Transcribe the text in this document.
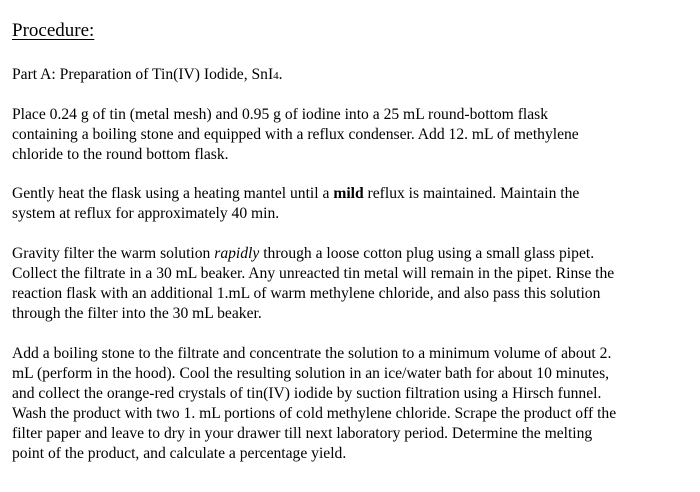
Procedure:

Part A: Preparation of Tin(IV) Iodide, SnI4.

Place 0.24 g of tin (metal mesh) and 0.95 g of iodine into a 25 mL round-bottom flask
containing a boiling stone and equipped with a reflux condenser. Add 12. mL of methylene
chloride to the round bottom flask.

Gently heat the flask using a heating mantel until a mild reflux is maintained. Maintain the
system at reflux for approximately 40 min.

Gravity filter the warm solution rapidly through a loose cotton plug using a small glass pipet.
Collect the filtrate in a 30 mL beaker. Any unreacted tin metal will remain in the pipet. Rinse the
reaction flask with an additional 1.mL of warm methylene chloride, and also pass this solution
through the filter into the 30 mL beaker.

Add a boiling stone to the filtrate and concentrate the solution to a minimum volume of about 2.
mL (perform in the hood). Cool the resulting solution in an ice/water bath for about 10 minutes,
and collect the orange-red crystals of tin(IV) iodide by suction filtration using a Hirsch funnel.
Wash the product with two 1. mL portions of cold methylene chloride. Scrape the product off the
filter paper and leave to dry in your drawer till next laboratory period. Determine the melting
point of the product, and calculate a percentage yield.
